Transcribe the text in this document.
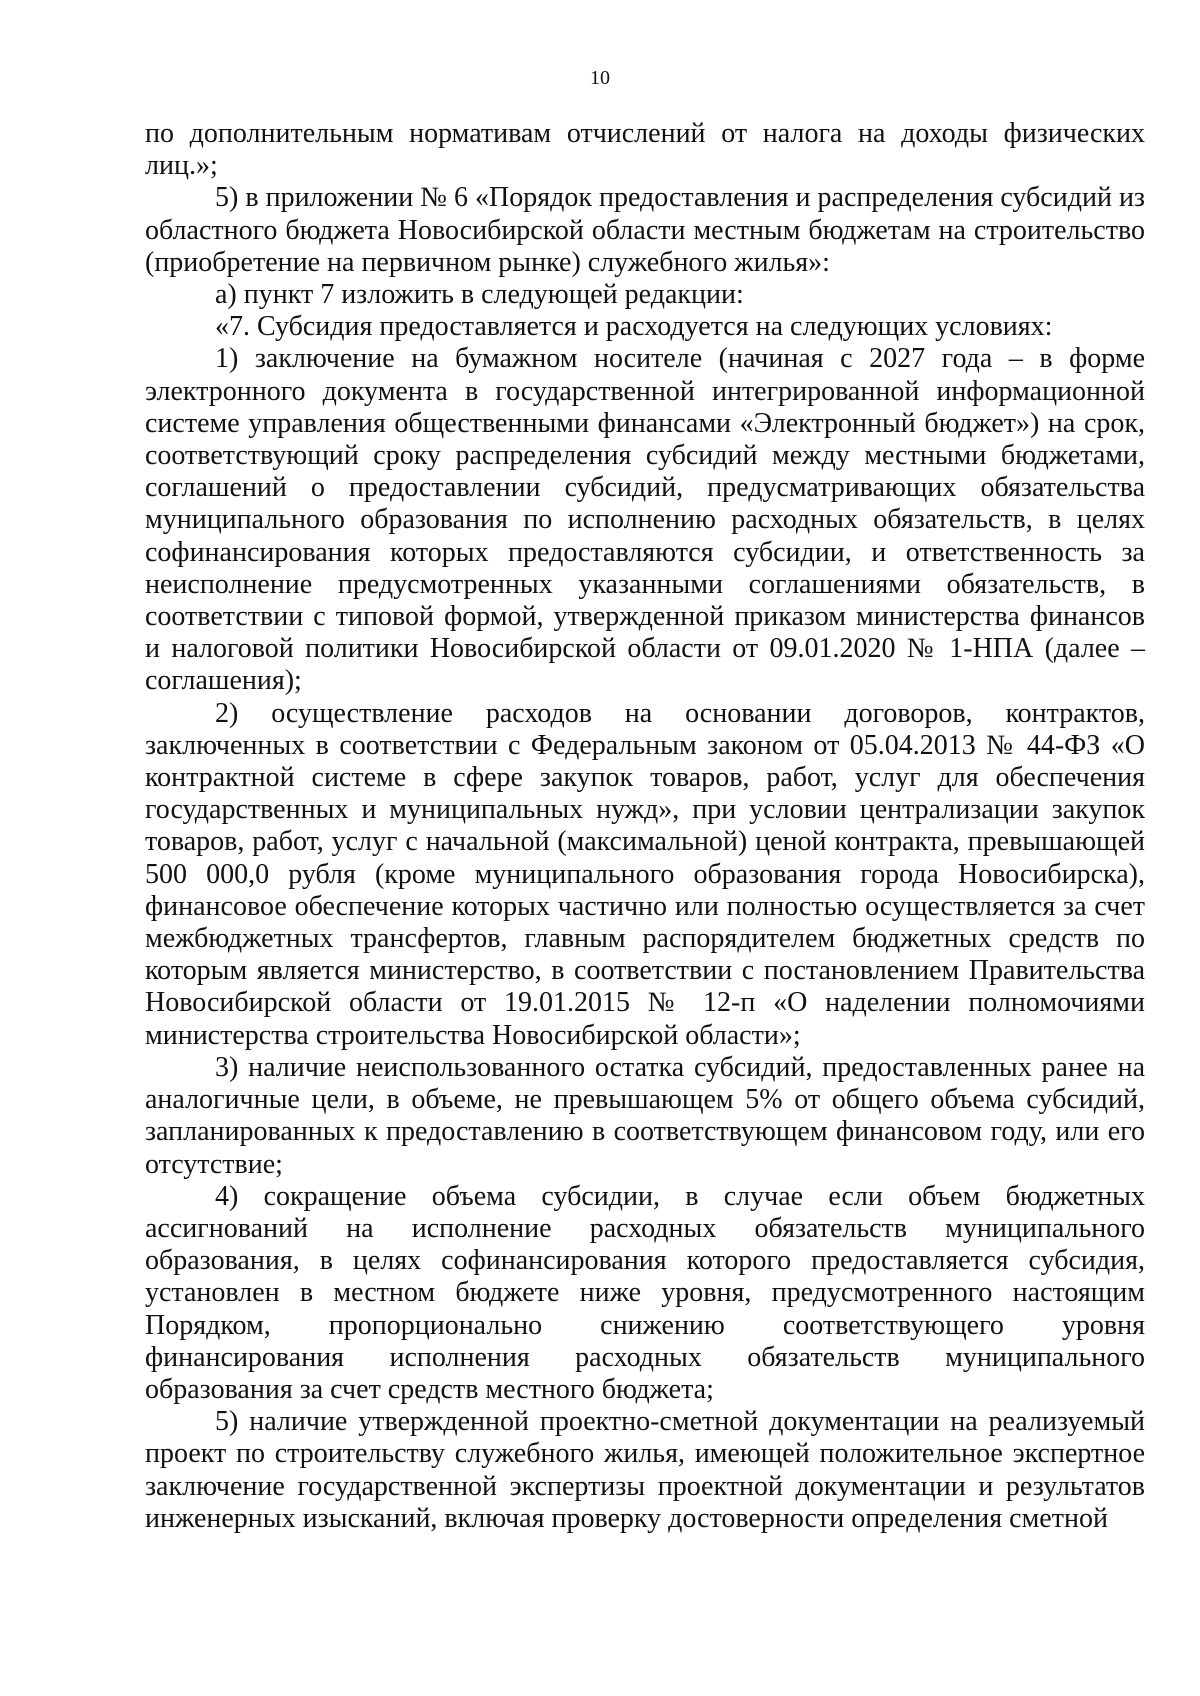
10

по дополнительным нормативам отчислений от налога на доходы физических лиц.»;

5) в приложении № 6 «Порядок предоставления и распределения субсидий из областного бюджета Новосибирской области местным бюджетам на строительство (приобретение на первичном рынке) служебного жилья»:

а) пункт 7 изложить в следующей редакции:

«7. Субсидия предоставляется и расходуется на следующих условиях:

1) заключение на бумажном носителе (начиная с 2027 года – в форме электронного документа в государственной интегрированной информационной системе управления общественными финансами «Электронный бюджет») на срок, соответствующий сроку распределения субсидий между местными бюджетами, соглашений о предоставлении субсидий, предусматривающих обязательства муниципального образования по исполнению расходных обязательств, в целях софинансирования которых предоставляются субсидии, и ответственность за неисполнение предусмотренных указанными соглашениями обязательств, в соответствии с типовой формой, утвержденной приказом министерства финансов и налоговой политики Новосибирской области от 09.01.2020 № 1-НПА (далее – соглашения);

2) осуществление расходов на основании договоров, контрактов, заключенных в соответствии с Федеральным законом от 05.04.2013 № 44-ФЗ «О контрактной системе в сфере закупок товаров, работ, услуг для обеспечения государственных и муниципальных нужд», при условии централизации закупок товаров, работ, услуг с начальной (максимальной) ценой контракта, превышающей 500 000,0 рубля (кроме муниципального образования города Новосибирска), финансовое обеспечение которых частично или полностью осуществляется за счет межбюджетных трансфертов, главным распорядителем бюджетных средств по которым является министерство, в соответствии с постановлением Правительства Новосибирской области от 19.01.2015 № 12-п «О наделении полномочиями министерства строительства Новосибирской области»;

3) наличие неиспользованного остатка субсидий, предоставленных ранее на аналогичные цели, в объеме, не превышающем 5% от общего объема субсидий, запланированных к предоставлению в соответствующем финансовом году, или его отсутствие;

4) сокращение объема субсидии, в случае если объем бюджетных ассигнований на исполнение расходных обязательств муниципального образования, в целях софинансирования которого предоставляется субсидия, установлен в местном бюджете ниже уровня, предусмотренного настоящим Порядком, пропорционально снижению соответствующего уровня финансирования исполнения расходных обязательств муниципального образования за счет средств местного бюджета;

5) наличие утвержденной проектно-сметной документации на реализуемый проект по строительству служебного жилья, имеющей положительное экспертное заключение государственной экспертизы проектной документации и результатов инженерных изысканий, включая проверку достоверности определения сметной
